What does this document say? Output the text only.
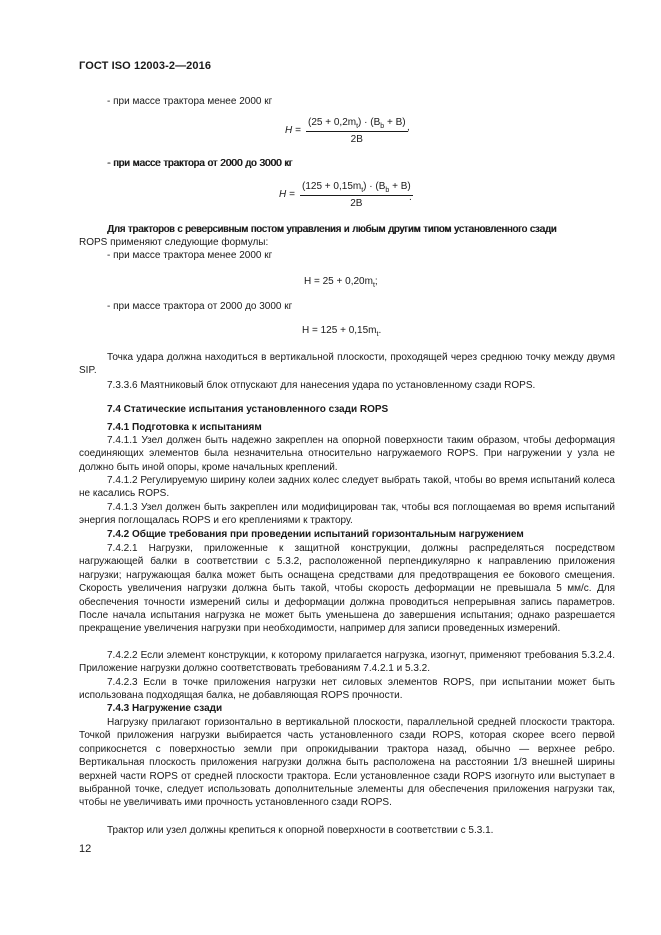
ГОСТ ISO 12003-2—2016
- при массе трактора менее 2000 кг
$H = \frac{(25 + 0,2m_t) \cdot (B_b + B)}{2B}$ ,
- при массе трактора от 2000 до 3000 кг
$H = \frac{(125 + 0,15m_t) \cdot (B_b + B)}{2B}$
.
Для тракторов с реверсивным постом управления и любым другим типом установленного сзади
ROPS применяют следующие формулы:
- при массе трактора менее 2000 кг
$H = 25 + 0,20m_t$;
- при массе трактора от 2000 до 3000 кг
$H = 125 + 0,15m_t$.
Точка удара должна находиться в вертикальной плоскости, проходящей через среднюю точку между двумя SIP.
7.3.3.6 Маятниковый блок отпускают для нанесения удара по установленному сзади ROPS.
7.4 Статические испытания установленного сзади ROPS
7.4.1 Подготовка к испытаниям
7.4.1.1 Узел должен быть надежно закреплен на опорной поверхности таким образом, чтобы деформация соединяющих элементов была незначительна относительно нагружаемого ROPS. При нагружении у узла не должно быть иной опоры, кроме начальных креплений.
7.4.1.2 Регулируемую ширину колеи задних колес следует выбрать такой, чтобы во время испытаний колеса не касались ROPS.
7.4.1.3 Узел должен быть закреплен или модифицирован так, чтобы вся поглощаемая во время испытаний энергия поглощалась ROPS и его креплениями к трактору.
7.4.2 Общие требования при проведении испытаний горизонтальным нагружением
7.4.2.1 Нагрузки, приложенные к защитной конструкции, должны распределяться посредством нагружающей балки в соответствии с 5.3.2, расположенной перпендикулярно к направлению приложения нагрузки; нагружающая балка может быть оснащена средствами для предотвращения ее бокового смещения. Скорость увеличения нагрузки должна быть такой, чтобы скорость деформации не превышала 5 мм/с. Для обеспечения точности измерений силы и деформации должна проводиться непрерывная запись параметров. После начала испытания нагрузка не может быть уменьшена до завершения испытания; однако разрешается прекращение увеличения нагрузки при необходимости, например для записи проведенных измерений.
7.4.2.2 Если элемент конструкции, к которому прилагается нагрузка, изогнут, применяют требования 5.3.2.4. Приложение нагрузки должно соответствовать требованиям 7.4.2.1 и 5.3.2.
7.4.2.3 Если в точке приложения нагрузки нет силовых элементов ROPS, при испытании может быть использована подходящая балка, не добавляющая ROPS прочности.
7.4.3 Нагружение сзади
Нагрузку прилагают горизонтально в вертикальной плоскости, параллельной средней плоскости трактора. Точкой приложения нагрузки выбирается часть установленного сзади ROPS, которая скорее всего первой соприкоснется с поверхностью земли при опрокидывании трактора назад, обычно — верхнее ребро. Вертикальная плоскость приложения нагрузки должна быть расположена на расстоянии 1/3 внешней ширины верхней части ROPS от средней плоскости трактора. Если установленное сзади ROPS изогнуто или выступает в выбранной точке, следует использовать дополнительные элементы для обеспечения приложения нагрузки так, чтобы не увеличивать ими прочность установленного сзади ROPS.
Трактор или узел должны крепиться к опорной поверхности в соответствии с 5.3.1.
12
